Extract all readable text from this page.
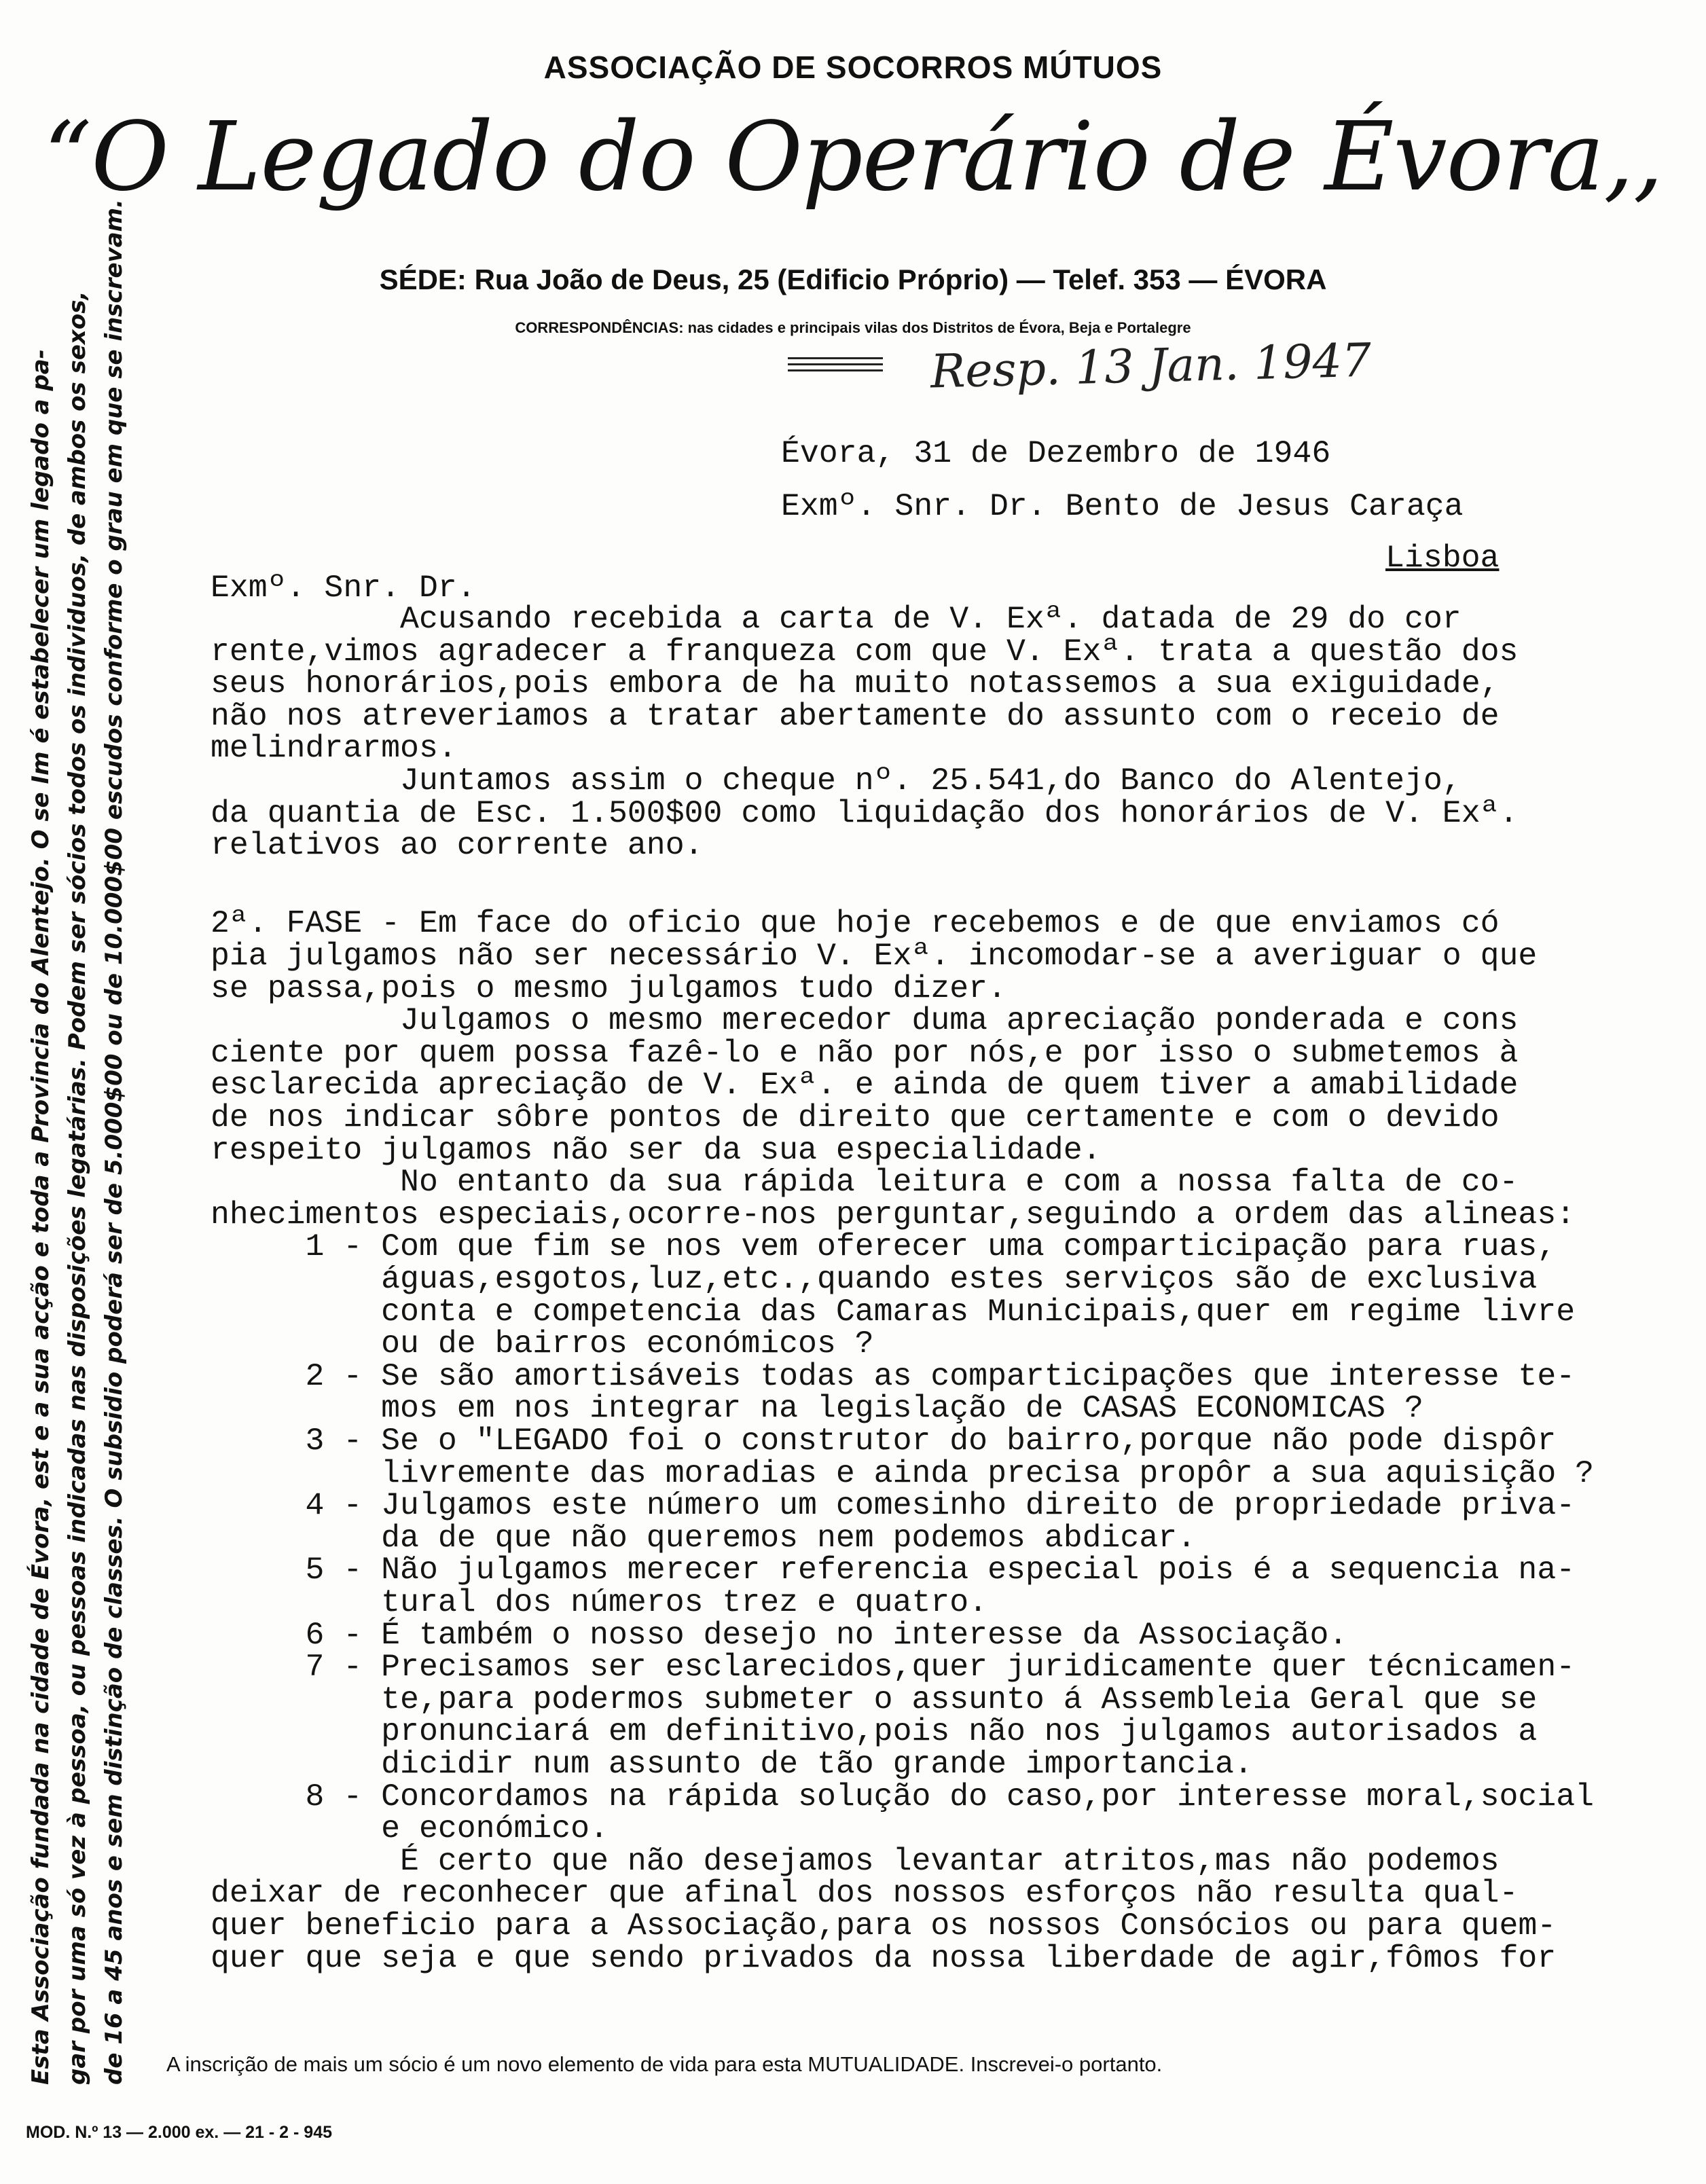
ASSOCIAÇÃO DE SOCORROS MÚTUOS
“O Legado do Operário de Évora,,
SÉDE: Rua João de Deus, 25 (Edificio Próprio) — Telef. 353 — ÉVORA
CORRESPONDÊNCIAS: nas cidades e principais vilas dos Distritos de Évora, Beja e Portalegre
Resp. 13 Jan. 1947
Évora, 31 de Dezembro de 1946
Exmº. Snr. Dr. Bento de Jesus Caraça
Lisboa
Exmº. Snr. Dr.
Acusando recebida a carta de V. Exª. datada de 29 do cor
rente,vimos agradecer a franqueza com que V. Exª. trata a questão dos
seus honorários,pois embora de ha muito notassemos a sua exiguidade,
não nos atreveriamos a tratar abertamente do assunto com o receio de
melindrarmos.
Juntamos assim o cheque nº. 25.541,do Banco do Alentejo,
da quantia de Esc. 1.500$00 como liquidação dos honorários de V. Exª.
relativos ao corrente ano.
2ª. FASE - Em face do oficio que hoje recebemos e de que enviamos có
pia julgamos não ser necessário V. Exª. incomodar-se a averiguar o que
se passa,pois o mesmo julgamos tudo dizer.
Julgamos o mesmo merecedor duma apreciação ponderada e cons
ciente por quem possa fazê-lo e não por nós,e por isso o submetemos à
esclarecida apreciação de V. Exª. e ainda de quem tiver a amabilidade
de nos indicar sôbre pontos de direito que certamente e com o devido
respeito julgamos não ser da sua especialidade.
No entanto da sua rápida leitura e com a nossa falta de co-
nhecimentos especiais,ocorre-nos perguntar,seguindo a ordem das alineas:
1 - Com que fim se nos vem oferecer uma comparticipação para ruas,
águas,esgotos,luz,etc.,quando estes serviços são de exclusiva
conta e competencia das Camaras Municipais,quer em regime livre
ou de bairros económicos ?
2 - Se são amortisáveis todas as comparticipações que interesse te-
mos em nos integrar na legislação de CASAS ECONOMICAS ?
3 - Se o "LEGADO foi o construtor do bairro,porque não pode dispôr
livremente das moradias e ainda precisa propôr a sua aquisição ?
4 - Julgamos este número um comesinho direito de propriedade priva-
da de que não queremos nem podemos abdicar.
5 - Não julgamos merecer referencia especial pois é a sequencia na-
tural dos números trez e quatro.
6 - É também o nosso desejo no interesse da Associação.
7 - Precisamos ser esclarecidos,quer juridicamente quer técnicamen-
te,para podermos submeter o assunto á Assembleia Geral que se
pronunciará em definitivo,pois não nos julgamos autorisados a
dicidir num assunto de tão grande importancia.
8 - Concordamos na rápida solução do caso,por interesse moral,social
e económico.
É certo que não desejamos levantar atritos,mas não podemos
deixar de reconhecer que afinal dos nossos esforços não resulta qual-
quer beneficio para a Associação,para os nossos Consócios ou para quem-
quer que seja e que sendo privados da nossa liberdade de agir,fômos for
Esta Associação fundada na cidade de Évora, est e a sua acção e toda a Provincia do Alentejo. O se Im é estabelecer um legado a pa- gar por uma só vez à pessoa, ou pessoas indicadas nas disposições legatárias. Podem ser sócios todos os individuos, de ambos os sexos, de 16 a 45 anos e sem distinção de classes. O subsidio poderá ser de 5.000$00 ou de 10.000$00 escudos conforme o grau em que se inscrevam. A inscrição de mais um sócio é um novo elemento de vida para esta MUTUALIDADE. Inscrevei-o portanto.
MOD. N.º 13 — 2.000 ex. — 21 - 2 - 945
